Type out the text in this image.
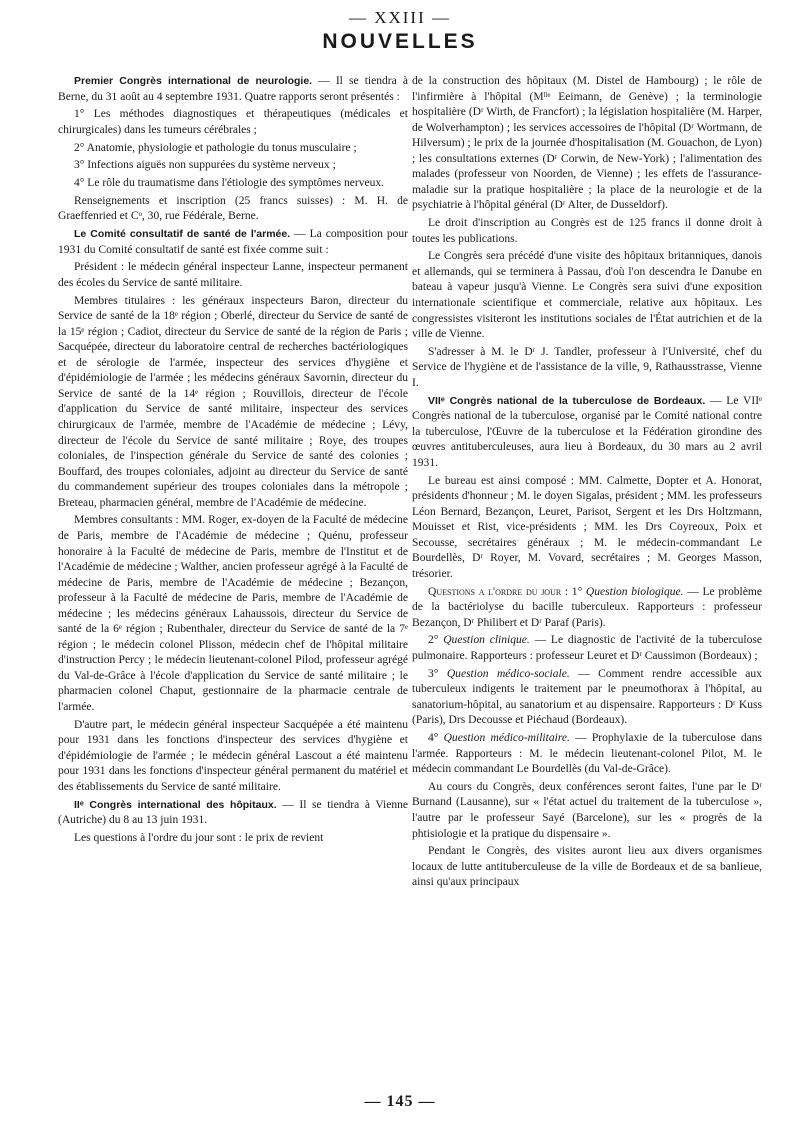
— XXIII —
NOUVELLES

Premier Congrès international de neurologie. — Il se tiendra à Berne, du 31 août au 4 septembre 1931. Quatre rapports seront présentés :

1° Les méthodes diagnostiques et thérapeutiques (médicales et chirurgicales) dans les tumeurs cérébrales ;

2° Anatomie, physiologie et pathologie du tonus musculaire ;

3° Infections aiguës non suppurées du système nerveux ;

4° Le rôle du traumatisme dans l'étiologie des symptômes nerveux.

Renseignements et inscription (25 francs suisses) : M. H. de Graeffenried et Cᵒ, 30, rue Fédérale, Berne.

Le Comité consultatif de santé de l'armée. — La composition pour 1931 du Comité consultatif de santé est fixée comme suit :

Président : le médecin général inspecteur Lanne, inspecteur permanent des écoles du Service de santé militaire.

Membres titulaires : les généraux inspecteurs Baron, directeur du Service de santé de la 18ᵉ région ; Oberlé, directeur du Service de santé de la 15ᵉ région ; Cadiot, directeur du Service de santé de la région de Paris ; Sacquépée, directeur du laboratoire central de recherches bactériologiques et de sérologie de l'armée, inspecteur des services d'hygiène et d'épidémiologie de l'armée ; les médecins généraux Savornin, directeur du Service de santé de la 14ᵉ région ; Rouvillois, directeur de l'école d'application du Service de santé militaire, inspecteur des services chirurgicaux de l'armée, membre de l'Académie de médecine ; Lévy, directeur de l'école du Service de santé militaire ; Roye, des troupes coloniales, de l'inspection générale du Service de santé des colonies ; Bouffard, des troupes coloniales, adjoint au directeur du Service de santé du commandement supérieur des troupes coloniales dans la métropole ; Breteau, pharmacien général, membre de l'Académie de médecine.

Membres consultants : MM. Roger, ex-doyen de la Faculté de médecine de Paris, membre de l'Académie de médecine ; Quénu, professeur honoraire à la Faculté de médecine de Paris, membre de l'Institut et de l'Académie de médecine ; Walther, ancien professeur agrégé à la Faculté de médecine de Paris, membre de l'Académie de médecine ; Bezançon, professeur à la Faculté de médecine de Paris, membre de l'Académie de médecine ; les médecins généraux Lahaussois, directeur du Service de santé de la 6ᵉ région ; Rubenthaler, directeur du Service de santé de la 7ᵉ région ; le médecin colonel Plisson, médecin chef de l'hôpital militaire d'instruction Percy ; le médecin lieutenant-colonel Pilod, professeur agrégé du Val-de-Grâce à l'école d'application du Service de santé militaire ; le pharmacien colonel Chaput, gestionnaire de la pharmacie centrale de l'armée.

D'autre part, le médecin général inspecteur Sacquépée a été maintenu pour 1931 dans les fonctions d'inspecteur des services d'hygiène et d'épidémiologie de l'armée ; le médecin général Lascout a été maintenu pour 1931 dans les fonctions d'inspecteur général permanent du matériel et des établissements du Service de santé militaire.

IIᵉ Congrès international des hôpitaux. — Il se tiendra à Vienne (Autriche) du 8 au 13 juin 1931.

Les questions à l'ordre du jour sont : le prix de revient

de la construction des hôpitaux (M. Distel de Hambourg) ; le rôle de l'infirmière à l'hôpital (Mˡˡᵉ Eeimann, de Genève) ; la terminologie hospitalière (Dʳ Wirth, de Francfort) ; la législation hospitalière (M. Harper, de Wolverhampton) ; les services accessoires de l'hôpital (Dʳ Wortmann, de Hilversum) ; le prix de la journée d'hospitalisation (M. Gouachon, de Lyon) ; les consultations externes (Dʳ Corwin, de New-York) ; l'alimentation des malades (professeur von Noorden, de Vienne) ; les effets de l'assurance-maladie sur la pratique hospitalière ; la place de la neurologie et de la psychiatrie à l'hôpital général (Dʳ Alter, de Dusseldorf).

Le droit d'inscription au Congrès est de 125 francs il donne droit à toutes les publications.

Le Congrès sera précédé d'une visite des hôpitaux britanniques, danois et allemands, qui se terminera à Passau, d'où l'on descendra le Danube en bateau à vapeur jusqu'à Vienne. Le Congrès sera suivi d'une exposition internationale scientifique et commerciale, relative aux hôpitaux. Les congressistes visiteront les institutions sociales de l'État autrichien et de la ville de Vienne.

S'adresser à M. le Dʳ J. Tandler, professeur à l'Université, chef du Service de l'hygiène et de l'assistance de la ville, 9, Rathausstrasse, Vienne I.

VIIᵉ Congrès national de la tuberculose de Bordeaux. — Le VIIᵉ Congrès national de la tuberculose, organisé par le Comité national contre la tuberculose, l'Œuvre de la tuberculose et la Fédération girondine des œuvres antituberculeuses, aura lieu à Bordeaux, du 30 mars au 2 avril 1931.

Le bureau est ainsi composé : MM. Calmette, Dopter et A. Honorat, présidents d'honneur ; M. le doyen Sigalas, président ; MM. les professeurs Léon Bernard, Bezançon, Leuret, Parisot, Sergent et les Drs Holtzmann, Mouisset et Rist, vice-présidents ; MM. les Drs Coyreoux, Poix et Secousse, secrétaires généraux ; M. le médecin-commandant Le Bourdellès, Dʳ Royer, M. Vovard, secrétaires ; M. Georges Masson, trésorier.

Questions a l'ordre du jour : 1° Question biologique. — Le problème de la bactériolyse du bacille tuberculeux. Rapporteurs : professeur Bezançon, Dʳ Philibert et Dʳ Paraf (Paris).

2° Question clinique. — Le diagnostic de l'activité de la tuberculose pulmonaire. Rapporteurs : professeur Leuret et Dʳ Caussimon (Bordeaux) ;

3° Question médico-sociale. — Comment rendre accessible aux tuberculeux indigents le traitement par le pneumothorax à l'hôpital, au sanatorium-hôpital, au sanatorium et au dispensaire. Rapporteurs : Dʳ Kuss (Paris), Drs Decousse et Piéchaud (Bordeaux).

4° Question médico-militaire. — Prophylaxie de la tuberculose dans l'armée. Rapporteurs : M. le médecin lieutenant-colonel Pilot, M. le médecin commandant Le Bourdellès (du Val-de-Grâce).

Au cours du Congrès, deux conférences seront faites, l'une par le Dʳ Burnand (Lausanne), sur « l'état actuel du traitement de la tuberculose », l'autre par le professeur Sayé (Barcelone), sur les « progrès de la phtisiologie et la pratique du dispensaire ».

Pendant le Congrès, des visites auront lieu aux divers organismes locaux de lutte antituberculeuse de la ville de Bordeaux et de sa banlieue, ainsi qu'aux principaux

— 145 —
